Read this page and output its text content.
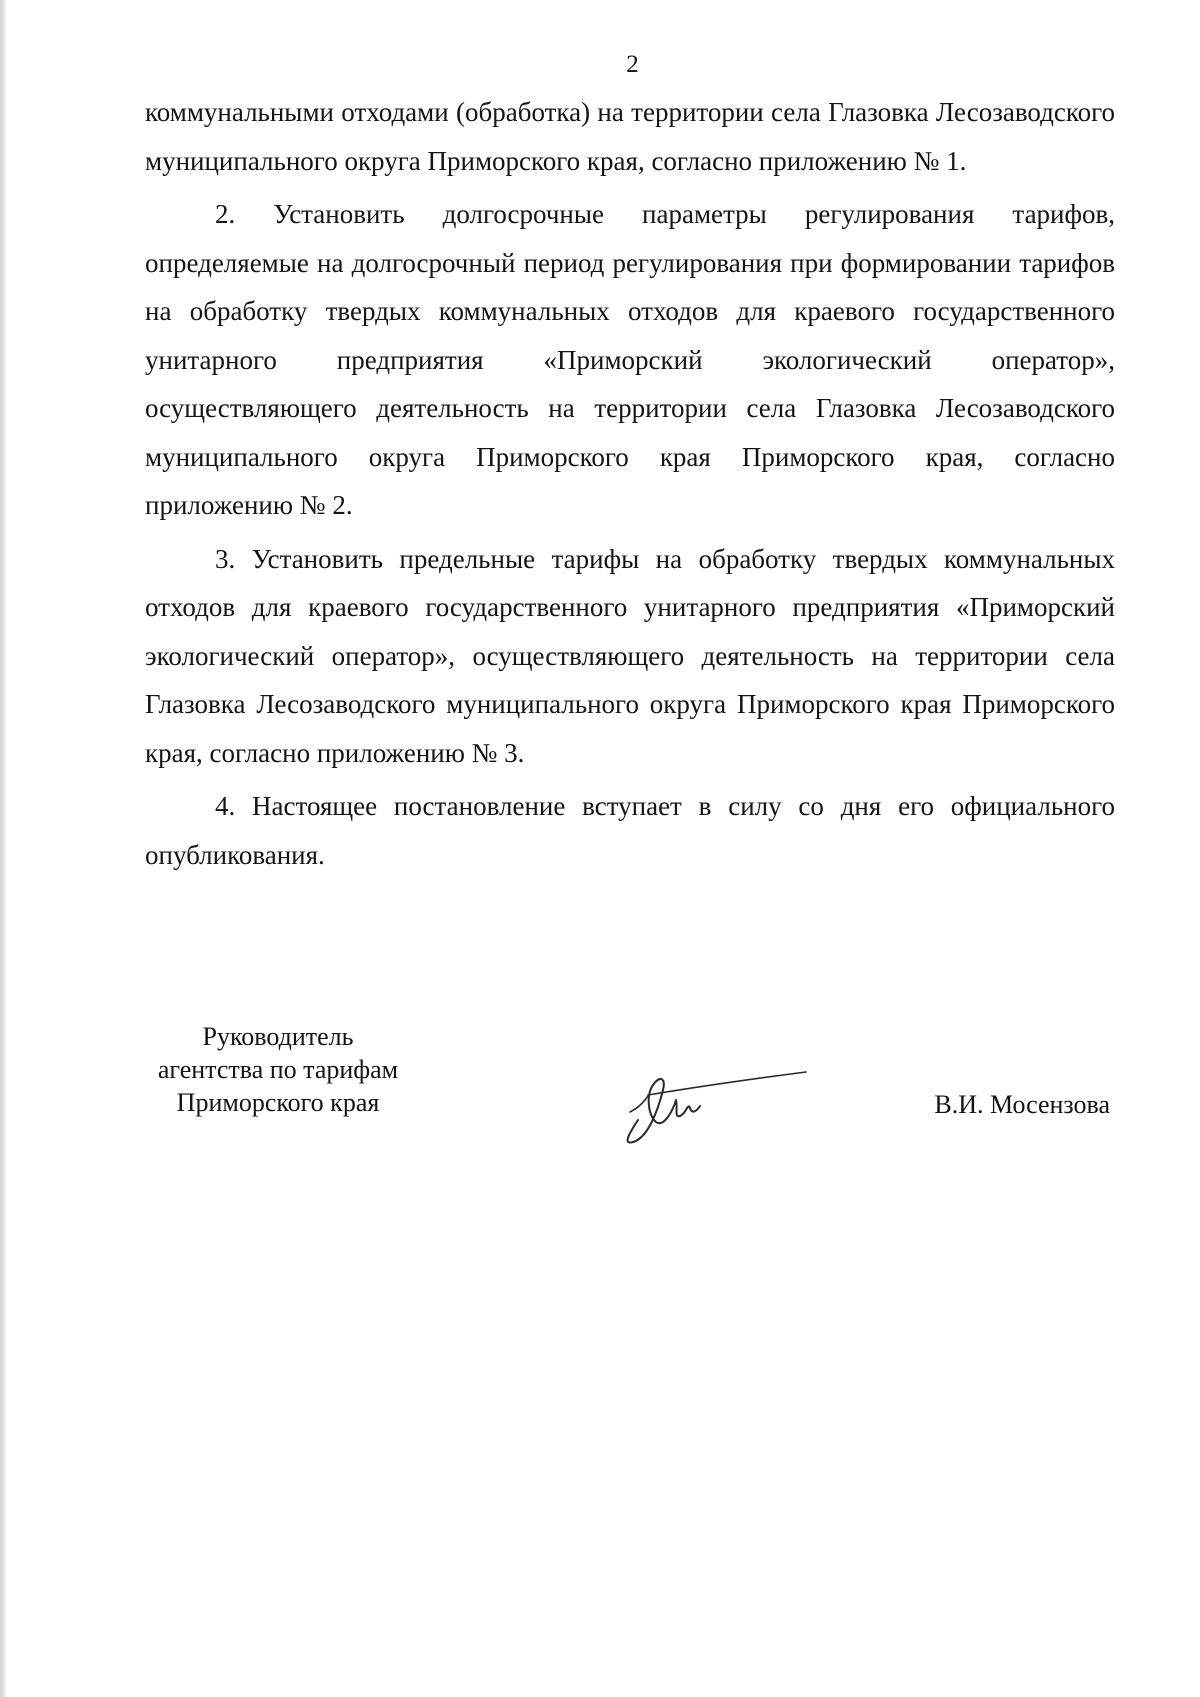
2

коммунальными отходами (обработка) на территории села Глазовка Лесозаводского муниципального округа Приморского края, согласно приложению № 1.

2. Установить долгосрочные параметры регулирования тарифов, определяемые на долгосрочный период регулирования при формировании тарифов на обработку твердых коммунальных отходов для краевого государственного унитарного предприятия «Приморский экологический оператор», осуществляющего деятельность на территории села Глазовка Лесозаводского муниципального округа Приморского края Приморского края, согласно приложению № 2.

3. Установить предельные тарифы на обработку твердых коммунальных отходов для краевого государственного унитарного предприятия «Приморский экологический оператор», осуществляющего деятельность на территории села Глазовка Лесозаводского муниципального округа Приморского края Приморского края, согласно приложению № 3.

4. Настоящее постановление вступает в силу со дня его официального опубликования.

Руководитель
агентства по тарифам
Приморского края	В.И. Мосензова
